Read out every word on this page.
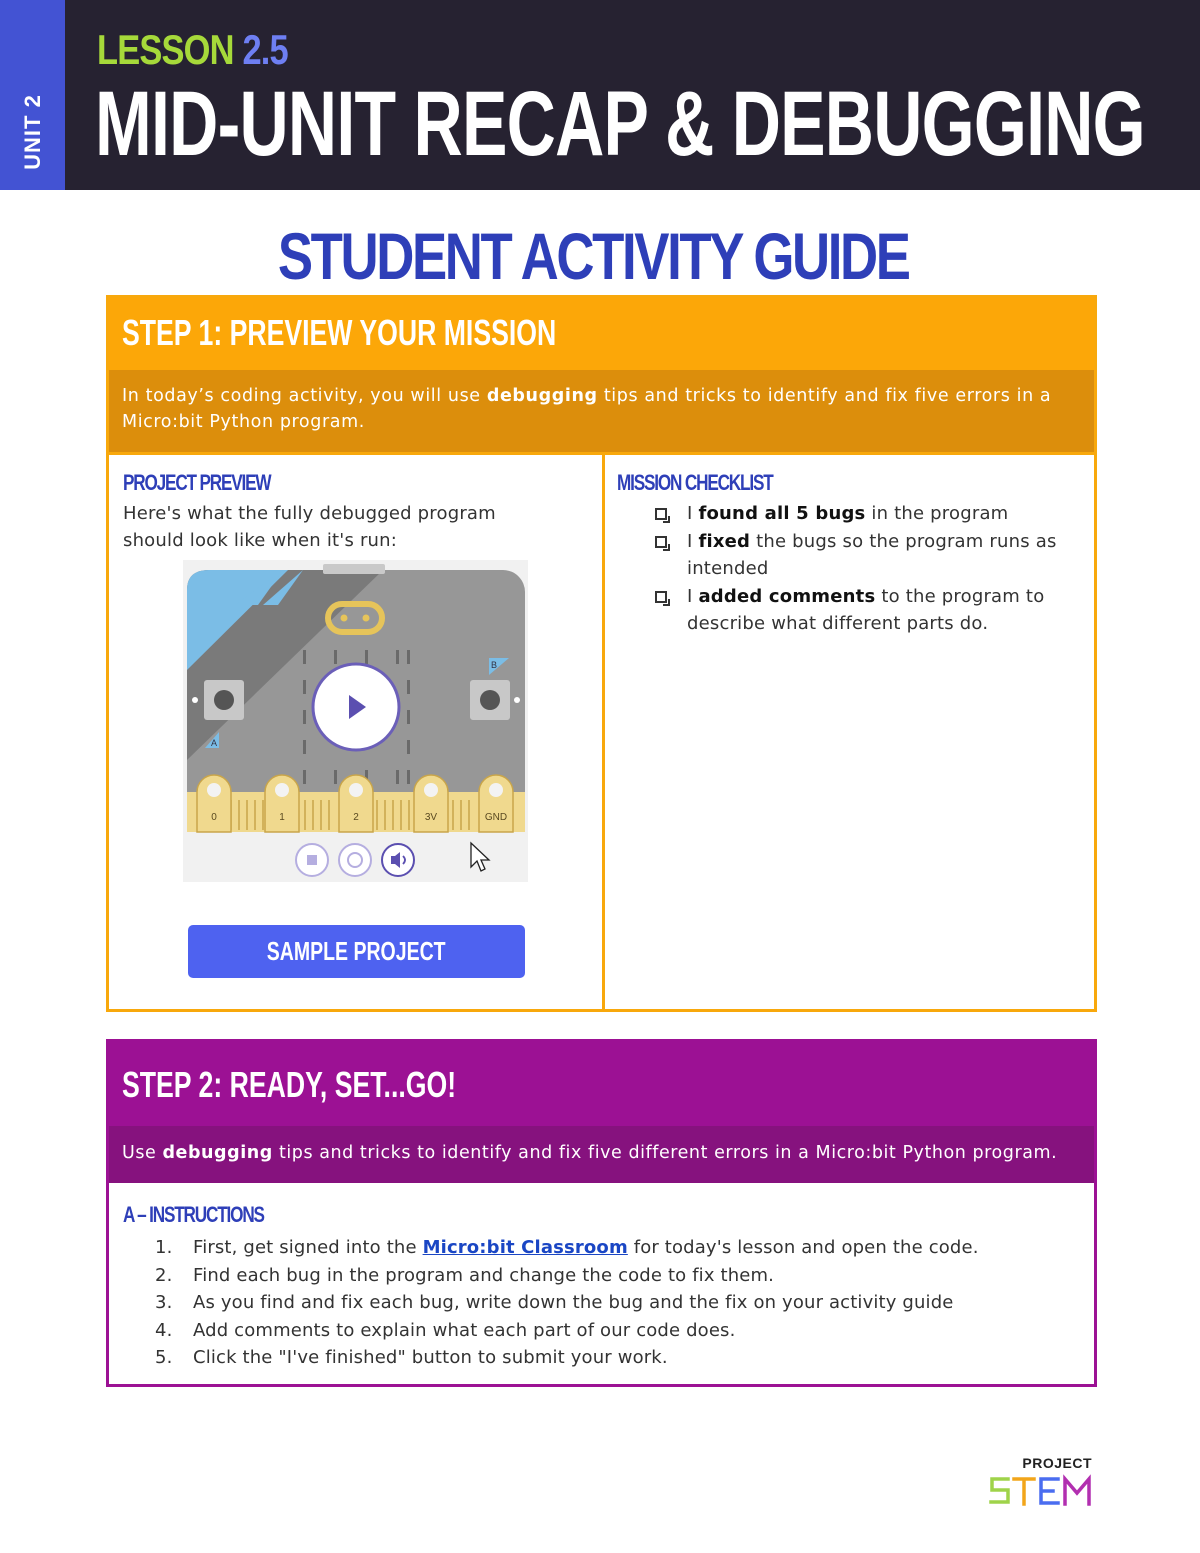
UNIT 2
LESSON 2.5
MID-UNIT RECAP & DEBUGGING
STUDENT ACTIVITY GUIDE
STEP 1: PREVIEW YOUR MISSION
In today’s coding activity, you will use debugging tips and tricks to identify and fix five errors in a Micro:bit Python program.
PROJECT PREVIEW
Here's what the fully debugged program should look like when it's run:
A
B
0	1	2	3V	GND
SAMPLE PROJECT
MISSION CHECKLIST
I found all 5 bugs in the program
I fixed the bugs so the program runs as intended
I added comments to the program to describe what different parts do.
STEP 2: READY, SET...GO!
Use debugging tips and tricks to identify and fix five different errors in a Micro:bit Python program.
A – INSTRUCTIONS
1. First, get signed into the Micro:bit Classroom for today's lesson and open the code.
2. Find each bug in the program and change the code to fix them.
3. As you find and fix each bug, write down the bug and the fix on your activity guide
4. Add comments to explain what each part of our code does.
5. Click the "I've finished" button to submit your work.
PROJECT
